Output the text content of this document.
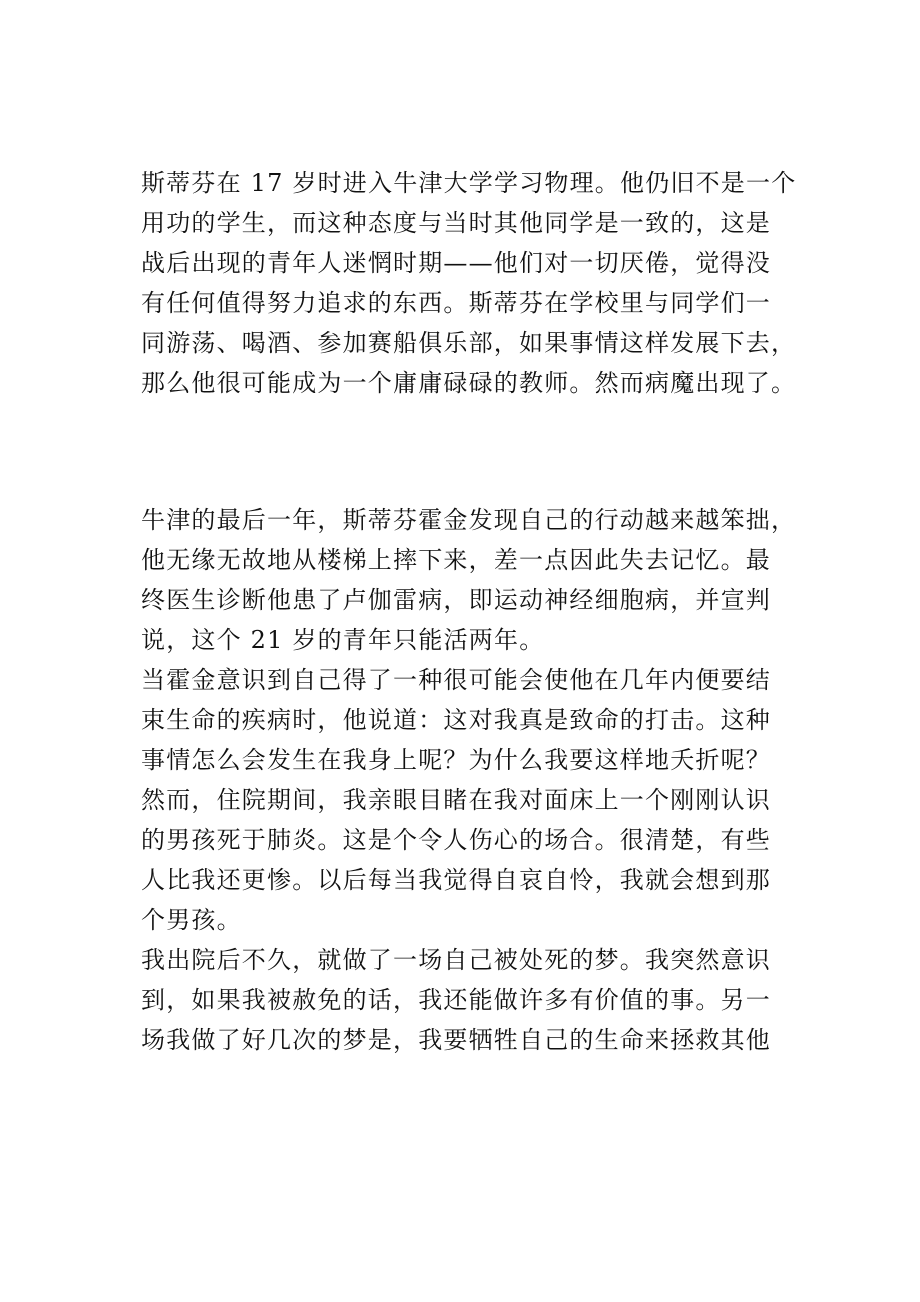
斯蒂芬在 17 岁时进入牛津大学学习物理。他仍旧不是一个
用功的学生，而这种态度与当时其他同学是一致的，这是
战后出现的青年人迷惘时期——他们对一切厌倦，觉得没
有任何值得努力追求的东西。斯蒂芬在学校里与同学们一
同游荡、喝酒、参加赛船俱乐部，如果事情这样发展下去，
那么他很可能成为一个庸庸碌碌的教师。然而病魔出现了。
牛津的最后一年，斯蒂芬霍金发现自己的行动越来越笨拙，
他无缘无故地从楼梯上摔下来，差一点因此失去记忆。最
终医生诊断他患了卢伽雷病，即运动神经细胞病，并宣判
说，这个 21 岁的青年只能活两年。
当霍金意识到自己得了一种很可能会使他在几年内便要结
束生命的疾病时，他说道：这对我真是致命的打击。这种
事情怎么会发生在我身上呢？为什么我要这样地夭折呢？
然而，住院期间，我亲眼目睹在我对面床上一个刚刚认识
的男孩死于肺炎。这是个令人伤心的场合。很清楚，有些
人比我还更惨。以后每当我觉得自哀自怜，我就会想到那
个男孩。
我出院后不久，就做了一场自己被处死的梦。我突然意识
到，如果我被赦免的话，我还能做许多有价值的事。另一
场我做了好几次的梦是，我要牺牲自己的生命来拯救其他
